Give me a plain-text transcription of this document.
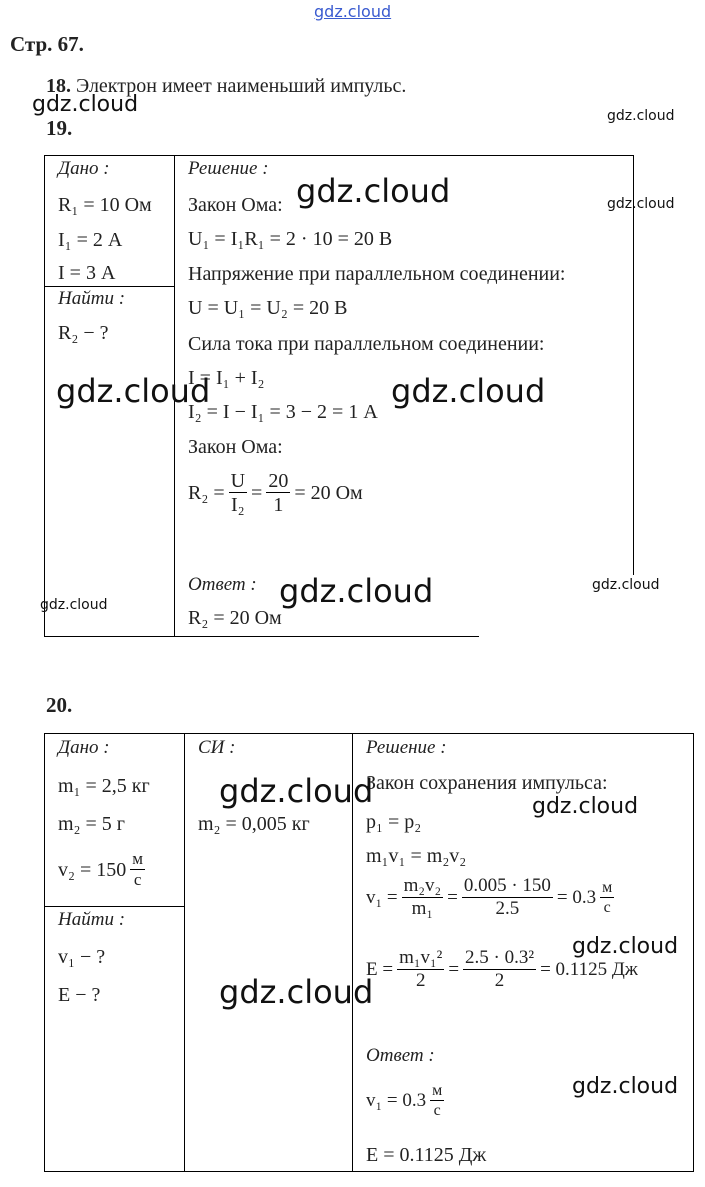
gdz.cloud
Стр. 67.
18. Электрон имеет наименьший импульс.
gdz.cloud
19.	gdz.cloud
Дано :
R₁ = 10 Ом
I₁ = 2 А
I = 3 А
Найти :
R₂ − ?
Решение :
Закон Ома:
U₁ = I₁R₁ = 2 · 10 = 20 В
Напряжение при параллельном соединении:
U = U₁ = U₂ = 20 В
Сила тока при параллельном соединении:
I = I₁ + I₂
I₂ = I − I₁ = 3 − 2 = 1 А
Закон Ома:
$R_2 = \frac{U}{\text{I₂}} = \frac{20}{1} = 20$ Ом
Ответ :
R₂ = 20 Ом
gdz.cloud	gdz.cloud
gdz.cloud	gdz.cloud
gdz.cloud	gdz.cloud
gdz.cloud
20.
Дано :
m₁ = 2,5 кг
m₂ = 5 г
$v_2 = 150 \frac{м}{с}$
Найти :
v₁ − ?
E − ?
СИ :
m₂ = 0,005 кг
Решение :
Закон сохранения импульса:
p₁ = p₂
m₁v₁ = m₂v₂
$v_1 = \frac{\text{m₂v₂}}{\text{m₁}} = \frac{0.005 \cdot 150}{2.5} = 0.3 \frac{м}{с}$
$E = \frac{\text{m₁v₁²}}{2} = \frac{\text{2.5 · 0.3²}}{2} = 0.1125$ Дж
Ответ :
$v_1 = 0.3 \frac{м}{с}$
E = 0.1125 Дж
gdz.cloud	gdz.cloud
gdz.cloud
gdz.cloud
gdz.cloud
